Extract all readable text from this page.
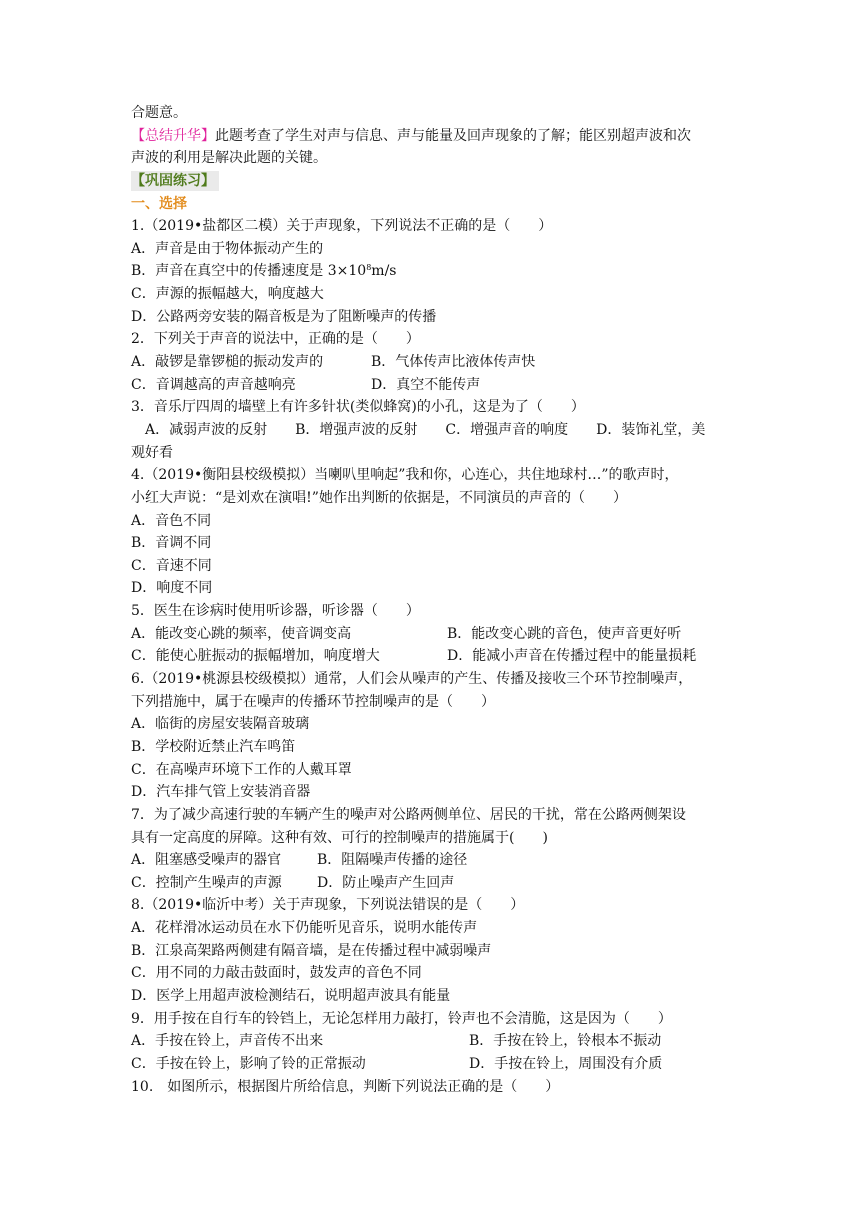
合题意。
【总结升华】此题考查了学生对声与信息、声与能量及回声现象的了解；能区别超声波和次
声波的利用是解决此题的关键。
【巩固练习】
一、选择
1.（2019•盐都区二模）关于声现象，下列说法不正确的是（　　）
A．声音是由于物体振动产生的
B．声音在真空中的传播速度是 $3\times 10^8m/s$
C．声源的振幅越大，响度越大
D．公路两旁安装的隔音板是为了阻断噪声的传播
2．下列关于声音的说法中，正确的是（　　）
A．敲锣是靠锣槌的振动发声的	B．气体传声比液体传声快
C．音调越高的声音越响亮	D．真空不能传声
3．音乐厅四周的墙壁上有许多针状(类似蜂窝)的小孔，这是为了（　　）
A．减弱声波的反射　　B．增强声波的反射　　C．增强声音的响度　　D．装饰礼堂，美
观好看
4.（2019•衡阳县校级模拟）当喇叭里响起”我和你，心连心，共住地球村…”的歌声时，
小红大声说：“是刘欢在演唱!”她作出判断的依据是，不同演员的声音的（　　）
A．音色不同
B．音调不同
C．音速不同
D．响度不同
5．医生在诊病时使用听诊器，听诊器（　　）
A．能改变心跳的频率，使音调变高	B．能改变心跳的音色，使声音更好听
C．能使心脏振动的振幅增加，响度增大	D．能减小声音在传播过程中的能量损耗
6.（2019•桃源县校级模拟）通常，人们会从噪声的产生、传播及接收三个环节控制噪声，
下列措施中，属于在噪声的传播环节控制噪声的是（　　）
A．临街的房屋安装隔音玻璃
B．学校附近禁止汽车鸣笛
C．在高噪声环境下工作的人戴耳罩
D．汽车排气管上安装消音器
7．为了减少高速行驶的车辆产生的噪声对公路两侧单位、居民的干扰，常在公路两侧架设
具有一定高度的屏障。这种有效、可行的控制噪声的措施属于(　　)
A．阻塞感受噪声的器官	B．阻隔噪声传播的途径
C．控制产生噪声的声源	D．防止噪声产生回声
8.（2019•临沂中考）关于声现象，下列说法错误的是（　　）
A．花样滑冰运动员在水下仍能听见音乐，说明水能传声
B．江泉高架路两侧建有隔音墙，是在传播过程中减弱噪声
C．用不同的力敲击鼓面时，鼓发声的音色不同
D．医学上用超声波检测结石，说明超声波具有能量
9．用手按在自行车的铃铛上，无论怎样用力敲打，铃声也不会清脆，这是因为（　　）
A．手按在铃上，声音传不出来	B．手按在铃上，铃根本不振动
C．手按在铃上，影响了铃的正常振动	D．手按在铃上，周围没有介质
10.　如图所示，根据图片所给信息，判断下列说法正确的是（　　）
